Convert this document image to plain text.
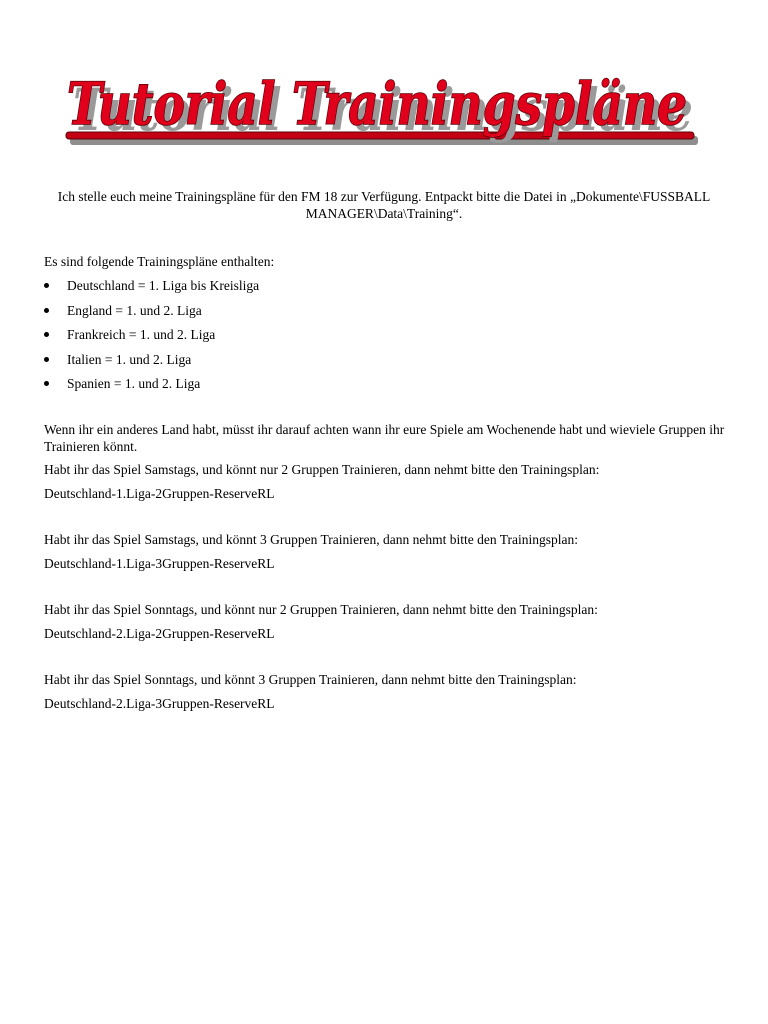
Tutorial Trainingspläne
Tutorial Trainingspläne

Ich stelle euch meine Trainingspläne für den FM 18 zur Verfügung. Entpackt bitte die Datei in „Dokumente\FUSSBALL MANAGER\Data\Training“.

Es sind folgende Trainingspläne enthalten:

Deutschland = 1. Liga bis Kreisliga
England = 1. und 2. Liga
Frankreich = 1. und 2. Liga
Italien = 1. und 2. Liga
Spanien = 1. und 2. Liga

Wenn ihr ein anderes Land habt, müsst ihr darauf achten wann ihr eure Spiele am Wochenende habt und wieviele Gruppen ihr Trainieren könnt.

Habt ihr das Spiel Samstags, und könnt nur 2 Gruppen Trainieren, dann nehmt bitte den Trainingsplan:

Deutschland-1.Liga-2Gruppen-ReserveRL

Habt ihr das Spiel Samstags, und könnt 3 Gruppen Trainieren, dann nehmt bitte den Trainingsplan:

Deutschland-1.Liga-3Gruppen-ReserveRL

Habt ihr das Spiel Sonntags, und könnt nur 2 Gruppen Trainieren, dann nehmt bitte den Trainingsplan:

Deutschland-2.Liga-2Gruppen-ReserveRL

Habt ihr das Spiel Sonntags, und könnt 3 Gruppen Trainieren, dann nehmt bitte den Trainingsplan:

Deutschland-2.Liga-3Gruppen-ReserveRL
